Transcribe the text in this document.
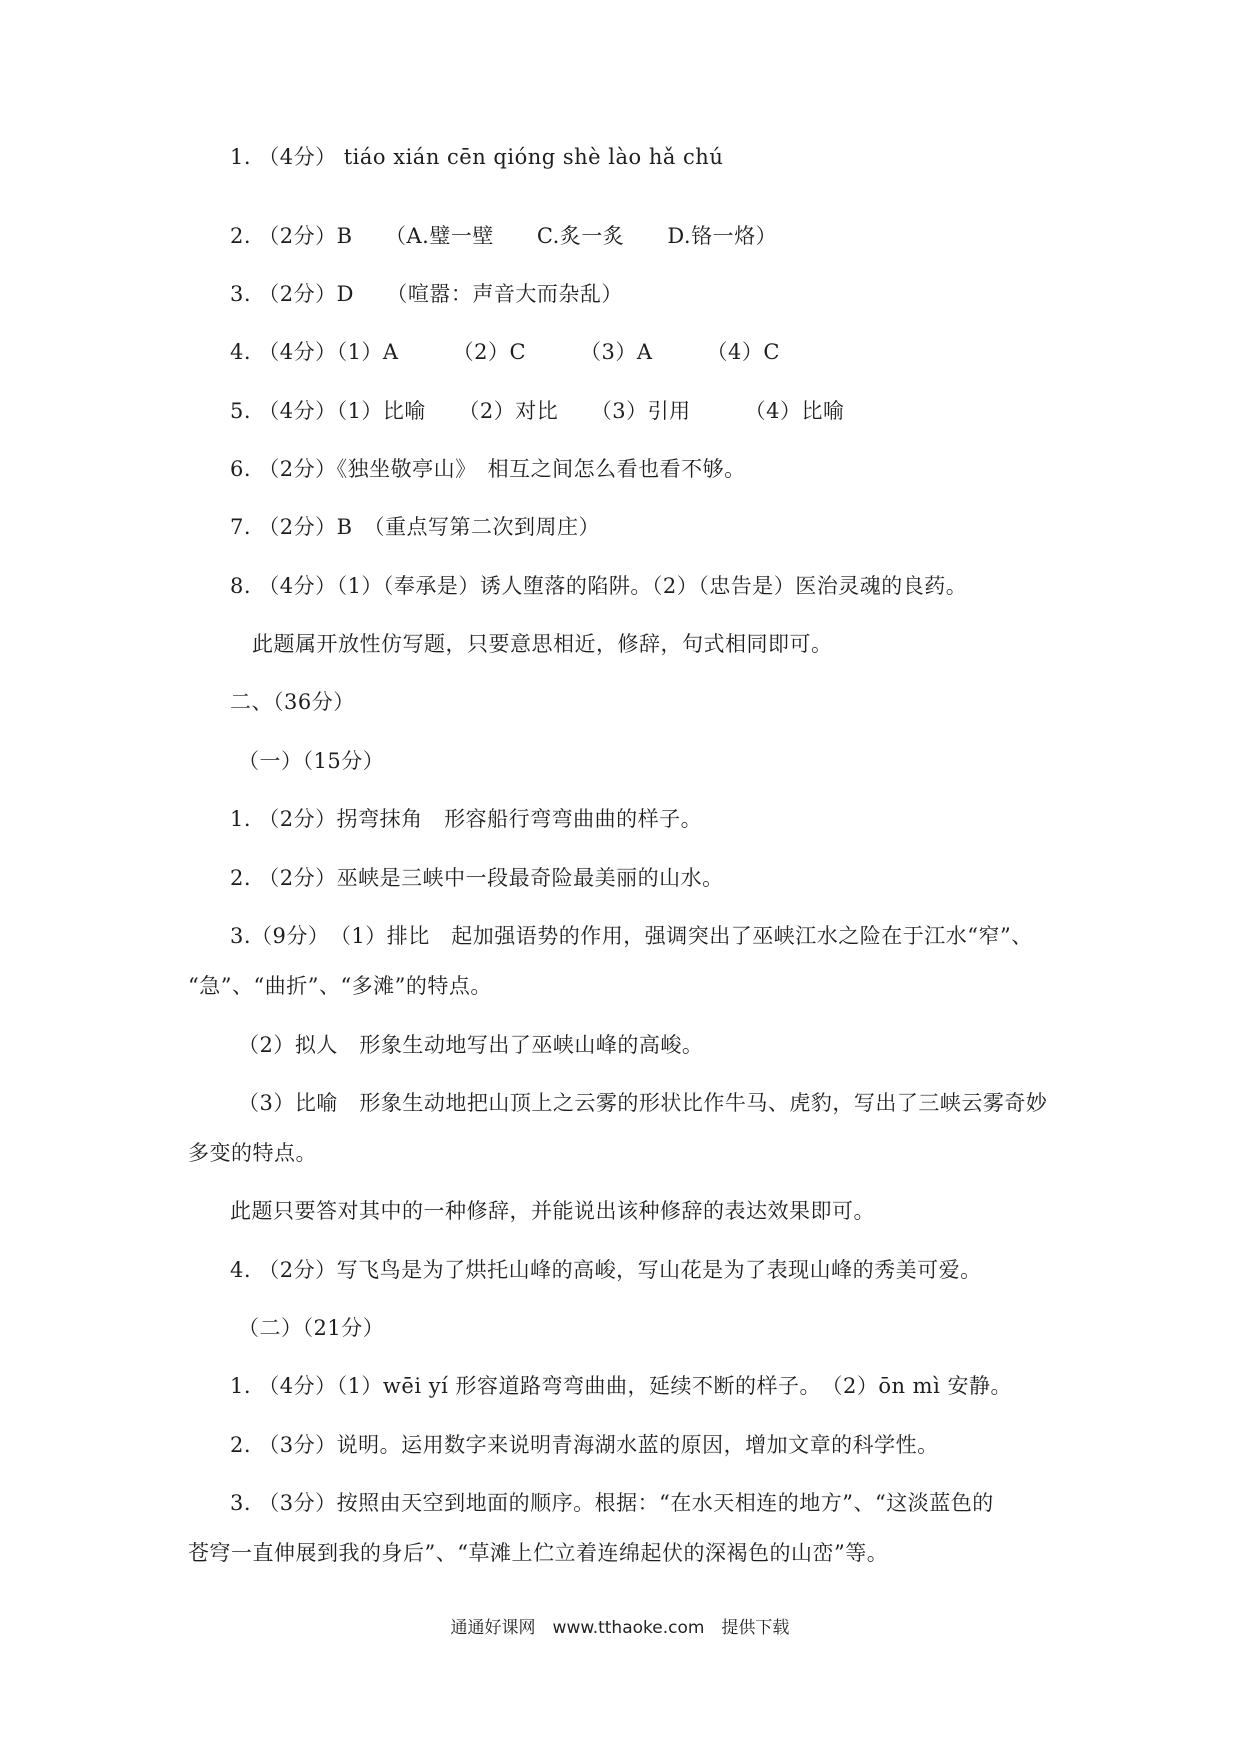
1. （4分） tiáo xián cēn qióng shè lào hǎ chú
2. （2分）B　　（A.璧一壁　　C.炙一炙　　D.铬一烙）
3. （2分）D　　（喧嚣：声音大而杂乱）
4. （4分）（1）A　　　（2）C　　　（3）A　　　（4）C
5. （4分）（1）比喻　　（2）对比　　（3）引用　　　（4）比喻
6. （2分）《独坐敬亭山》　相互之间怎么看也看不够。
7. （2分）B　（重点写第二次到周庄）
8. （4分）（1）（奉承是）诱人堕落的陷阱。（2）（忠告是）医治灵魂的良药。
此题属开放性仿写题，只要意思相近，修辞，句式相同即可。
二、（36分）
（一）（15分）
1. （2分）拐弯抹角　形容船行弯弯曲曲的样子。
2. （2分）巫峡是三峡中一段最奇险最美丽的山水。
3.（9分）　（1）排比　起加强语势的作用，强调突出了巫峡江水之险在于江水“窄”、
“急”、“曲折”、“多滩”的特点。
（2）拟人　形象生动地写出了巫峡山峰的高峻。
（3）比喻　形象生动地把山顶上之云雾的形状比作牛马、虎豹，写出了三峡云雾奇妙
多变的特点。
此题只要答对其中的一种修辞，并能说出该种修辞的表达效果即可。
4. （2分）写飞鸟是为了烘托山峰的高峻，写山花是为了表现山峰的秀美可爱。
（二）（21分）
1. （4分）（1）wēi yí 形容道路弯弯曲曲，延续不断的样子。　（2）ōn mì 安静。
2. （3分）说明。运用数字来说明青海湖水蓝的原因，增加文章的科学性。
3. （3分）按照由天空到地面的顺序。根据：“在水天相连的地方”、“这淡蓝色的
苍穹一直伸展到我的身后”、“草滩上伫立着连绵起伏的深褐色的山峦”等。
通通好课网　www.tthaoke.com　提供下载
